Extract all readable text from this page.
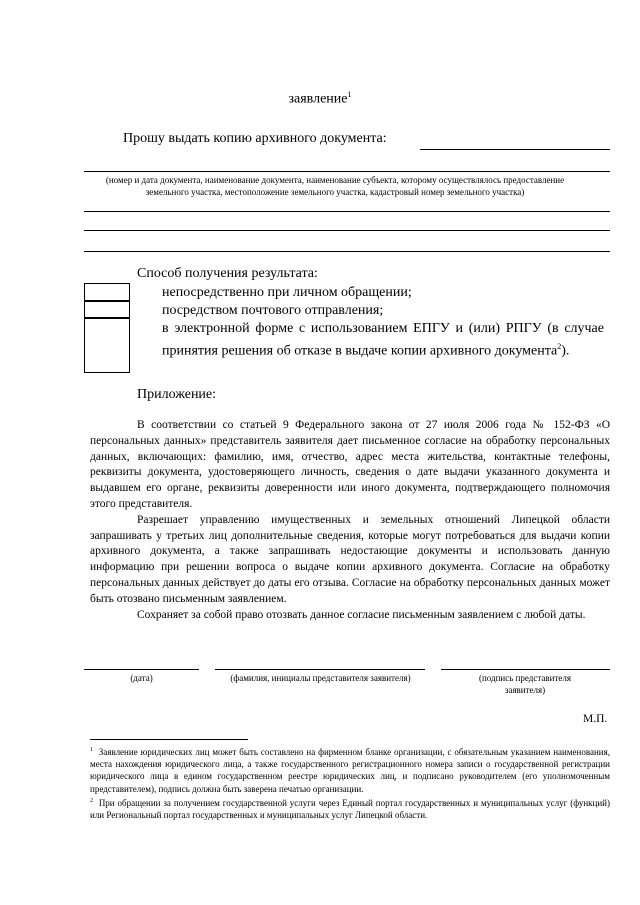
заявление$^1$
Прошу выдать копию архивного документа:
(номер и дата документа, наименование документа, наименование субъекта, которому осуществлялось предоставление земельного участка, местоположение земельного участка, кадастровый номер земельного участка)
Способ получения результата:
непосредственно при личном обращении;
посредством почтового отправления;
в электронной форме с использованием ЕПГУ и (или) РПГУ (в случае принятия решения об отказе в выдаче копии архивного документа$^2$).
Приложение:

В соответствии со статьей 9 Федерального закона от 27 июля 2006 года № 152-ФЗ «О персональных данных» представитель заявителя дает письменное согласие на обработку персональных данных, включающих: фамилию, имя, отчество, адрес места жительства, контактные телефоны, реквизиты документа, удостоверяющего личность, сведения о дате выдачи указанного документа и выдавшем его органе, реквизиты доверенности или иного документа, подтверждающего полномочия этого представителя.

Разрешает управлению имущественных и земельных отношений Липецкой области запрашивать у третьих лиц дополнительные сведения, которые могут потребоваться для выдачи копии архивного документа, а также запрашивать недостающие документы и использовать данную информацию при решении вопроса о выдаче копии архивного документа. Согласие на обработку персональных данных действует до даты его отзыва. Согласие на обработку персональных данных может быть отозвано письменным заявлением.

Сохраняет за собой право отозвать данное согласие письменным заявлением с любой даты.

(дата)	(фамилия, инициалы представителя заявителя)	(подпись представителя заявителя)
М.П.

$^1$ Заявление юридических лиц может быть составлено на фирменном бланке организации, с обязательным указанием наименования, места нахождения юридического лица, а также государственного регистрационного номера записи о государственной регистрации юридического лица в едином государственном реестре юридических лиц, и подписано руководителем (его уполномоченным представителем), подпись должна быть заверена печатью организации.

$^2$ При обращении за получением государственной услуги через Единый портал государственных и муниципальных услуг (функций) или Региональный портал государственных и муниципальных услуг Липецкой области.
